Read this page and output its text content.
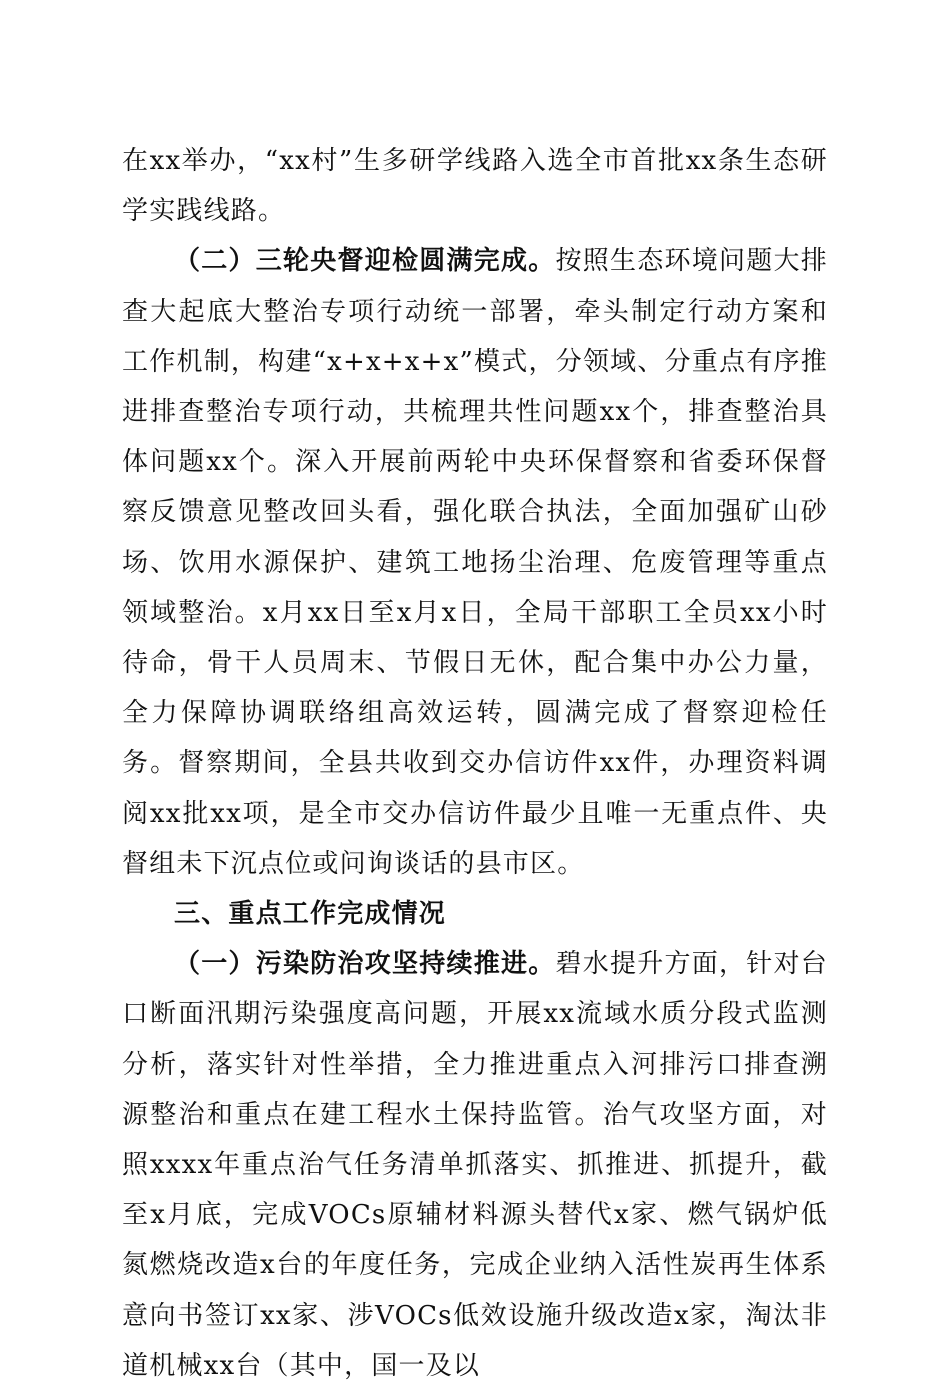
在xx举办，“xx村”生多研学线路入选全市首批xx条生态研学实践线路。

（二）三轮央督迎检圆满完成。按照生态环境问题大排查大起底大整治专项行动统一部署，牵头制定行动方案和工作机制，构建“x+x+x+x”模式，分领域、分重点有序推进排查整治专项行动，共梳理共性问题xx个，排查整治具体问题xx个。深入开展前两轮中央环保督察和省委环保督察反馈意见整改回头看，强化联合执法，全面加强矿山砂场、饮用水源保护、建筑工地扬尘治理、危废管理等重点领域整治。x月xx日至x月x日，全局干部职工全员xx小时待命，骨干人员周末、节假日无休，配合集中办公力量，全力保障协调联络组高效运转，圆满完成了督察迎检任务。督察期间，全县共收到交办信访件xx件，办理资料调阅xx批xx项，是全市交办信访件最少且唯一无重点件、央督组未下沉点位或问询谈话的县市区。

三、重点工作完成情况

（一）污染防治攻坚持续推进。碧水提升方面，针对台口断面汛期污染强度高问题，开展xx流域水质分段式监测分析，落实针对性举措，全力推进重点入河排污口排查溯源整治和重点在建工程水土保持监管。治气攻坚方面，对照xxxx年重点治气任务清单抓落实、抓推进、抓提升，截至x月底，完成VOCs原辅材料源头替代x家、燃气锅炉低氮燃烧改造x台的年度任务，完成企业纳入活性炭再生体系意向书签订xx家、涉VOCs低效设施升级改造x家，淘汰非道机械xx台（其中，国一及以
